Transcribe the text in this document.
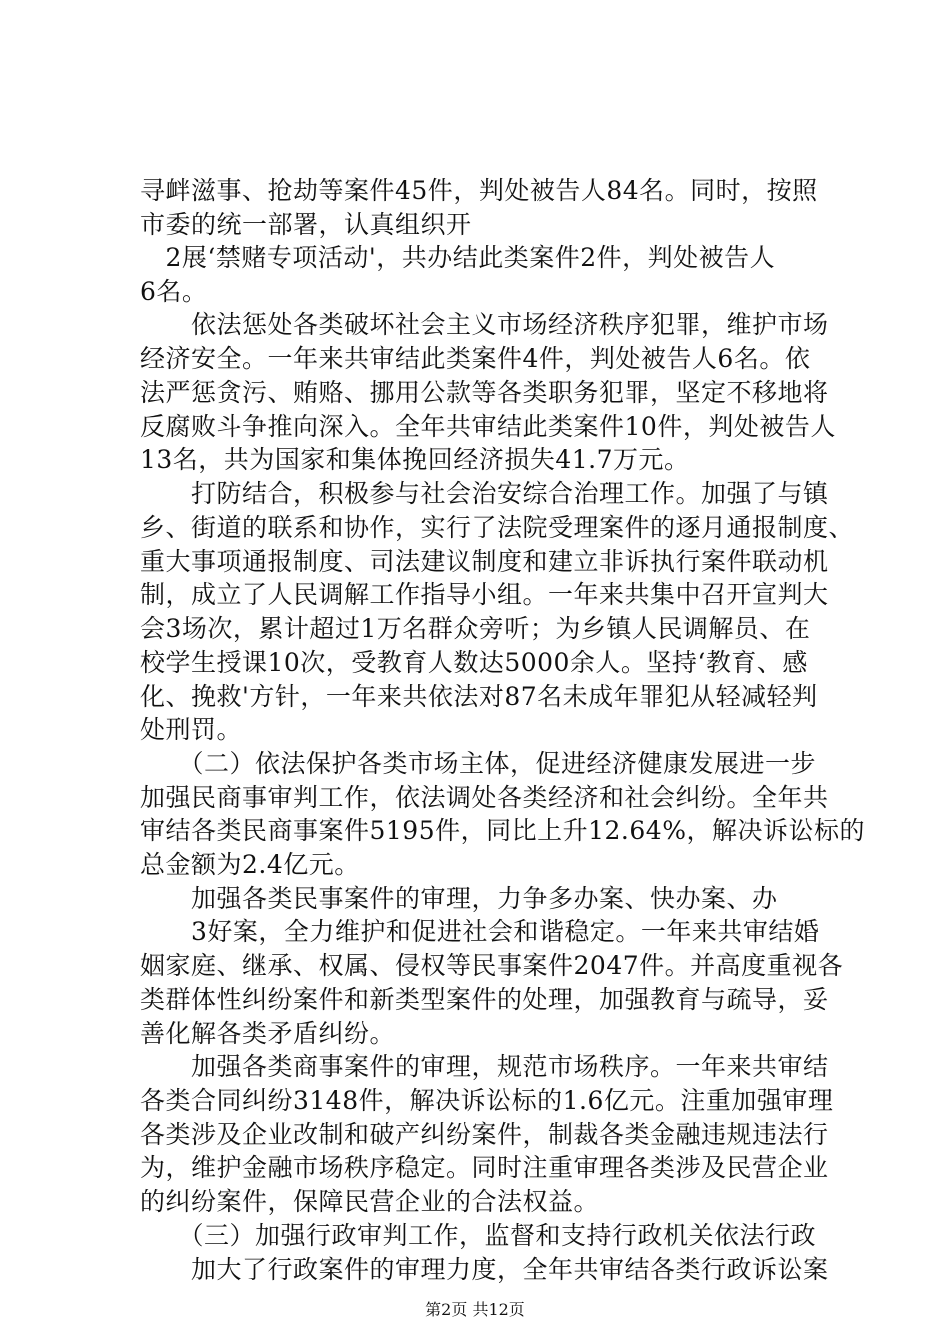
寻衅滋事、抢劫等案件45件，判处被告人84名。同时，按照
市委的统一部署，认真组织开
　2展‘禁赌专项活动'，共办结此类案件2件，判处被告人
6名。
　　依法惩处各类破坏社会主义市场经济秩序犯罪，维护市场
经济安全。一年来共审结此类案件4件，判处被告人6名。依
法严惩贪污、贿赂、挪用公款等各类职务犯罪，坚定不移地将
反腐败斗争推向深入。全年共审结此类案件10件，判处被告人
13名，共为国家和集体挽回经济损失41.7万元。
　　打防结合，积极参与社会治安综合治理工作。加强了与镇
乡、街道的联系和协作，实行了法院受理案件的逐月通报制度、
重大事项通报制度、司法建议制度和建立非诉执行案件联动机
制，成立了人民调解工作指导小组。一年来共集中召开宣判大
会3场次，累计超过1万名群众旁听；为乡镇人民调解员、在
校学生授课10次，受教育人数达5000余人。坚持‘教育、感
化、挽救'方针，一年来共依法对87名未成年罪犯从轻减轻判
处刑罚。
　　（二）依法保护各类市场主体，促进经济健康发展进一步
加强民商事审判工作，依法调处各类经济和社会纠纷。全年共
审结各类民商事案件5195件，同比上升12.64%，解决诉讼标的
总金额为2.4亿元。
　　加强各类民事案件的审理，力争多办案、快办案、办
　　3好案，全力维护和促进社会和谐稳定。一年来共审结婚
姻家庭、继承、权属、侵权等民事案件2047件。并高度重视各
类群体性纠纷案件和新类型案件的处理，加强教育与疏导，妥
善化解各类矛盾纠纷。
　　加强各类商事案件的审理，规范市场秩序。一年来共审结
各类合同纠纷3148件，解决诉讼标的1.6亿元。注重加强审理
各类涉及企业改制和破产纠纷案件，制裁各类金融违规违法行
为，维护金融市场秩序稳定。同时注重审理各类涉及民营企业
的纠纷案件，保障民营企业的合法权益。
　　（三）加强行政审判工作，监督和支持行政机关依法行政
　　加大了行政案件的审理力度，全年共审结各类行政诉讼案
第2页 共12页
